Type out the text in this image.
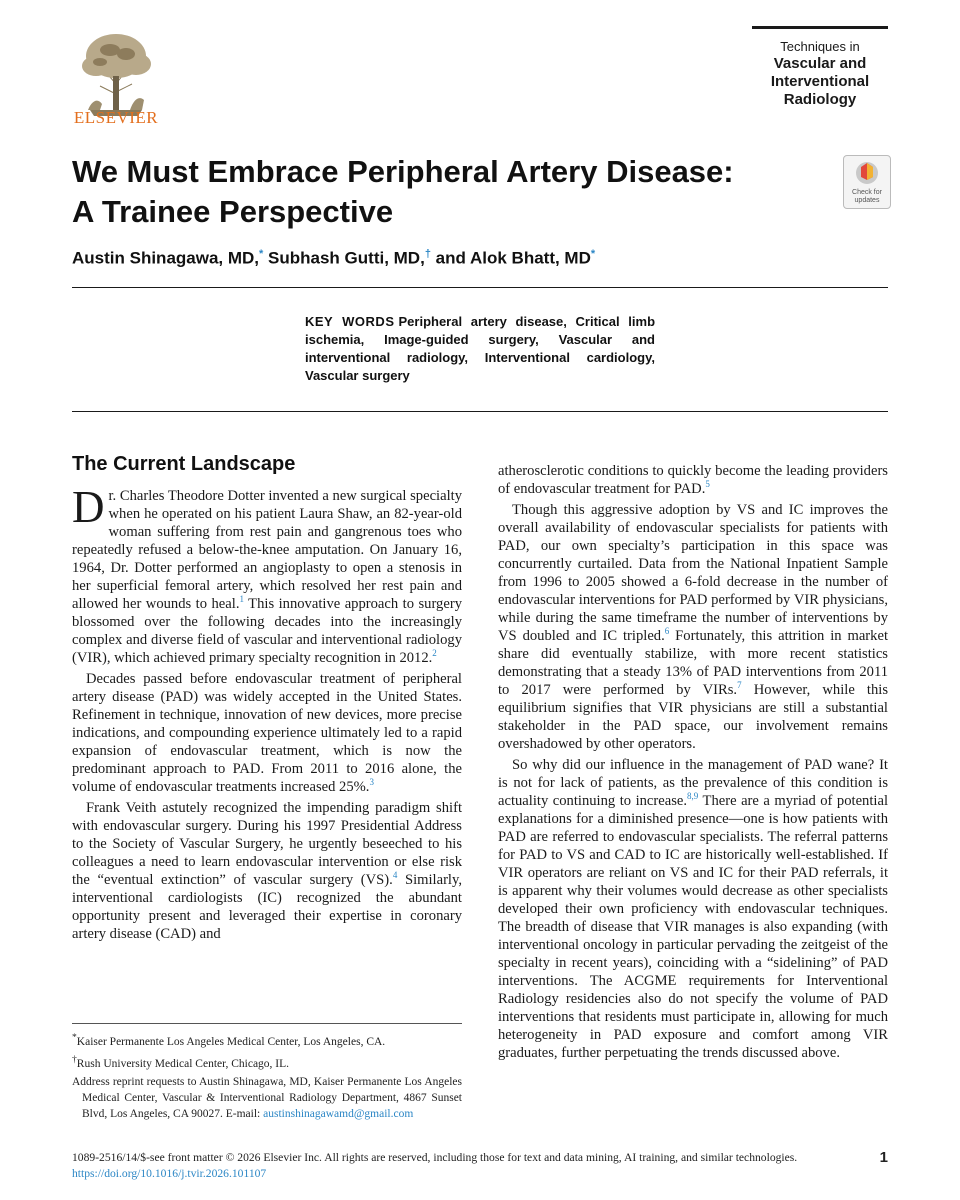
ELSEVIER
Techniques in
Vascular and
Interventional
Radiology
We Must Embrace Peripheral Artery Disease:
A Trainee Perspective
Check for
updates
Austin Shinagawa, MD,* Subhash Gutti, MD,† and Alok Bhatt, MD*
KEY WORDS Peripheral artery disease, Critical limb ischemia, Image-guided surgery, Vascular and interventional radiology, Interventional cardiology, Vascular surgery
The Current Landscape

Dr. Charles Theodore Dotter invented a new surgical specialty when he operated on his patient Laura Shaw, an 82-year-old woman suffering from rest pain and gangrenous toes who repeatedly refused a below-the-knee amputation. On January 16, 1964, Dr. Dotter performed an angioplasty to open a stenosis in her superficial femoral artery, which resolved her rest pain and allowed her wounds to heal.$^1$ This innovative approach to surgery blossomed over the following decades into the increasingly complex and diverse field of vascular and interventional radiology (VIR), which achieved primary specialty recognition in 2012.$^2$

Decades passed before endovascular treatment of peripheral artery disease (PAD) was widely accepted in the United States. Refinement in technique, innovation of new devices, more precise indications, and compounding experience ultimately led to a rapid expansion of endovascular treatment, which is now the predominant approach to PAD. From 2011 to 2016 alone, the volume of endovascular treatments increased 25%.$^3$

Frank Veith astutely recognized the impending paradigm shift with endovascular surgery. During his 1997 Presidential Address to the Society of Vascular Surgery, he urgently beseeched to his colleagues a need to learn endovascular intervention or else risk the “eventual extinction” of vascular surgery (VS).$^4$ Similarly, interventional cardiologists (IC) recognized the abundant opportunity present and leveraged their expertise in coronary artery disease (CAD) and

atherosclerotic conditions to quickly become the leading providers of endovascular treatment for PAD.$^5$

Though this aggressive adoption by VS and IC improves the overall availability of endovascular specialists for patients with PAD, our own specialty’s participation in this space was concurrently curtailed. Data from the National Inpatient Sample from 1996 to 2005 showed a 6-fold decrease in the number of endovascular interventions for PAD performed by VIR physicians, while during the same timeframe the number of interventions by VS doubled and IC tripled.$^6$ Fortunately, this attrition in market share did eventually stabilize, with more recent statistics demonstrating that a steady 13% of PAD interventions from 2011 to 2017 were performed by VIRs.$^7$ However, while this equilibrium signifies that VIR physicians are still a substantial stakeholder in the PAD space, our involvement remains overshadowed by other operators.

So why did our influence in the management of PAD wane? It is not for lack of patients, as the prevalence of this condition is actuality continuing to increase.$^{8,9}$ There are a myriad of potential explanations for a diminished presence—one is how patients with PAD are referred to endovascular specialists. The referral patterns for PAD to VS and CAD to IC are historically well-established. If VIR operators are reliant on VS and IC for their PAD referrals, it is apparent why their volumes would decrease as other specialists developed their own proficiency with endovascular techniques. The breadth of disease that VIR manages is also expanding (with interventional oncology in particular pervading the zeitgeist of the specialty in recent years), coinciding with a “sidelining” of PAD interventions. The ACGME requirements for Interventional Radiology residencies also do not specify the volume of PAD interventions that residents must participate in, allowing for much heterogeneity in PAD exposure and comfort among VIR graduates, further perpetuating the trends discussed above.

*Kaiser Permanente Los Angeles Medical Center, Los Angeles, CA.

†Rush University Medical Center, Chicago, IL.

Address reprint requests to Austin Shinagawa, MD, Kaiser Permanente Los Angeles Medical Center, Vascular & Interventional Radiology Department, 4867 Sunset Blvd, Los Angeles, CA 90027. E-mail: austinshinagawamd@gmail.com

1089-2516/14/$-see front matter © 2026 Elsevier Inc. All rights are reserved, including those for text and data mining, AI training, and similar technologies.
https://doi.org/10.1016/j.tvir.2026.101107
1
